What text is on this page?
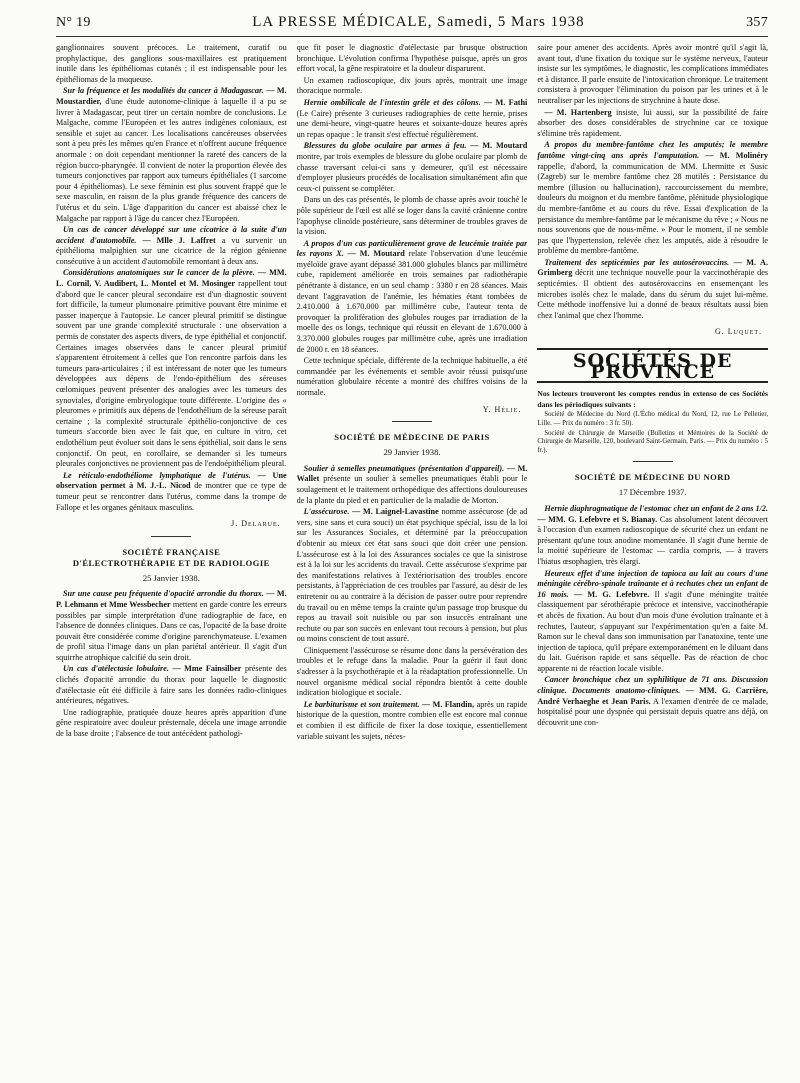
N° 19	LA PRESSE MÉDICALE, Samedi, 5 Mars 1938	357

ganglionnaires souvent précoces. Le traitement, curatif ou prophylactique, des ganglions sous-maxillaires est pratiquement inutile dans les épithéliomas cutanés ; il est indispensable pour les épithéliomas de la muqueuse.

Sur la fréquence et les modalités du cancer à Madagascar. — M. Moustardier, d'une étude autonome-clinique à laquelle il a pu se livrer à Madagascar, peut tirer un certain nombre de conclusions. Le Malgache, comme l'Européen et les autres indigènes coloniaux, est sensible et sujet au cancer. Les localisations cancéreuses observées sont à peu près les mêmes qu'en France et n'offrent aucune fréquence anormale : on doit cependant mentionner la rareté des cancers de la région bucco-pharyngée. Il convient de noter la proportion élevée des tumeurs conjonctives par rapport aux tumeurs épithéliales (1 sarcome pour 4 épithéliomas). Le sexe féminin est plus souvent frappé que le sexe masculin, en raison de la plus grande fréquence des cancers de l'utérus et du sein. L'âge d'apparition du cancer est abaissé chez le Malgache par rapport à l'âge du cancer chez l'Européen.

Un cas de cancer développé sur une cicatrice à la suite d'un accident d'automobile. — Mlle J. Laffret a vu survenir un épithélioma malpighien sur une cicatrice de la région génienne consécutive à un accident d'automobile remontant à deux ans.

Considérations anatomiques sur le cancer de la plèvre. — MM. L. Cornil, V. Audibert, L. Montel et M. Mosinger rappellent tout d'abord que le cancer pleural secondaire est d'un diagnostic souvent fort difficile, la tumeur plumonaire primitive pouvant être minime et passer inaperçue à l'autopsie. Le cancer pleural primitif se distingue souvent par une grande complexité structurale : une observation a permis de constater des aspects divers, de type épithélial et conjonctif. Certaines images observées dans le cancer pleural primitif s'apparentent étroitement à celles que l'on rencontre parfois dans les tumeurs para-articulaires ; il est intéressant de noter que les tumeurs développées aux dépens de l'endo-épithélium des séreuses cœlomiques peuvent présenter des analogies avec les tumeurs des synoviales, d'origine embryologique toute différente. L'origine des « pleuromes » primitifs aux dépens de l'endothélium de la séreuse paraît certaine ; la complexité structurale épithélio-conjonctive de ces tumeurs s'accorde bien avec le fait que, en culture in vitro, cet endothélium peut évoluer soit dans le sens épithélial, soit dans le sens conjonctif. On peut, en corollaire, se demander si les tumeurs pleurales conjonctives ne proviennent pas de l'endoépithélium pleural.

Le réticulo-endothéliome lymphatique de l'utérus. — Une observation permet à M. J.-L. Nicod de montrer que ce type de tumeur peut se rencontrer dans l'utérus, comme dans la trompe de Fallope et les organes génitaux masculins.

J. Delarue.
SOCIÉTÉ FRANÇAISE
D'ÉLECTROTHÉRAPIE ET DE RADIOLOGIE
25 Janvier 1938.

Sur une cause peu fréquente d'opacité arrondie du thorax. — M. P. Lehmann et Mme Wessbecher mettent en garde contre les erreurs possibles par simple interprétation d'une radiographie de face, en l'absence de données cliniques. Dans ce cas, l'opacité de la base droite pouvait être considérée comme d'origine parenchymateuse. L'examen de profil situa l'image dans un plan pariétal antérieur. Il s'agit d'un squirrhe atrophique calcifié du sein droit.

Un cas d'atélectasie lobulaire. — Mme Fainsilber présente des clichés d'opacité arrondie du thorax pour laquelle le diagnostic d'atélectasie eût été difficile à faire sans les données radio-cliniques antérieures, négatives.

Une radiographie, pratiquée douze heures après apparition d'une gêne respiratoire avec douleur présternale, décela une image arrondie de la base droite ; l'absence de tout antécédent pathologi-

que fit poser le diagnostic d'atélectasie par brusque obstruction bronchique. L'évolution confirma l'hypothèse puisque, après un gros effort vocal, la gêne respiratoire et la douleur disparurent.

Un examen radioscopique, dix jours après, montrait une image thoracique normale.

Hernie ombilicale de l'intestin grêle et des côlons. — M. Fathi (Le Caire) présente 3 curieuses radiographies de cette hernie, prises une demi-heure, vingt-quatre heures et soixante-douze heures après un repas opaque : le transit s'est effectué régulièrement.

Blessures du globe oculaire par armes à feu. — M. Moutard montre, par trois exemples de blessure du globe oculaire par plomb de chasse traversant celui-ci sans y demeurer, qu'il est nécessaire d'employer plusieurs procédés de localisation simultanément afin que ceux-ci puissent se compléter.

Dans un des cas présentés, le plomb de chasse après avoir touché le pôle supérieur de l'œil est allé se loger dans la cavité crânienne contre l'apophyse clinoïde postérieure, sans déterminer de troubles graves de la vision.

A propos d'un cas particulièrement grave de leucémie traitée par les rayons X. — M. Moutard relate l'observation d'une leucémie myéloïde grave ayant dépassé 381.000 globules blancs par millimètre cube, rapidement améliorée en trois semaines par radiothérapie pénétrante à distance, en un seul champ : 3380 r en 28 séances. Mais devant l'aggravation de l'anémie, les hématies étant tombées de 2.410.000 à 1.670.000 par millimètre cube, l'auteur tenta de provoquer la prolifération des globules rouges par irradiation de la moelle des os longs, technique qui réussit en élevant de 1.670.000 à 3.370.000 globules rouges par millimètre cube, après une irradiation de 2000 r. en 18 séances.

Cette technique spéciale, différente de la technique habituelle, a été commandée par les événements et semble avoir réussi puisqu'une numération globulaire récente a montré des chiffres voisins de la normale.

Y. Hélie.
SOCIÉTÉ DE MÉDECINE DE PARIS
29 Janvier 1938.

Soulier à semelles pneumatiques (présentation d'appareil). — M. Wallet présente un soulier à semelles pneumatiques établi pour le soulagement et le traitement orthopédique des affections douloureuses de la plante du pied et en particulier de la maladie de Morton.

L'assécurose. — M. Laignel-Lavastine nomme assécurose (de ad vers, sine sans et cura souci) un état psychique spécial, issu de la loi sur les Assurances Sociales, et déterminé par la préoccupation d'obtenir au mieux cet état sans souci que doit créer une pension. L'assécurose est à la loi des Assurances sociales ce que la sinistrose est à la loi sur les accidents du travail. Cette assécurose s'exprime par des manifestations relatives à l'extériorisation des troubles encore persistants, à l'appréciation de ces troubles par l'assuré, au désir de les entretenir ou au contraire à la décision de passer outre pour reprendre du travail ou en même temps la crainte qu'un passage trop brusque du repos au travail soit nuisible ou par son insuccès entraînant une rechute ou par son succès en enlevant tout recours à pension, but plus ou moins conscient de tout assuré.

Cliniquement l'assécurose se résume donc dans la persévération des troubles et le refuge dans la maladie. Pour la guérir il faut donc s'adresser à la psychothérapie et à la réadaptation professionnelle. Un nouvel organisme médical social répondra bientôt à cette double indication biologique et sociale.

Le barbiturisme et son traitement. — M. Flandin, après un rapide historique de la question, montre combien elle est encore mal connue et combien il est difficile de fixer la dose toxique, essentiellement variable suivant les sujets, néces-

saire pour amener des accidents. Après avoir montré qu'il s'agit là, avant tout, d'une fixation du toxique sur le système nerveux, l'auteur insiste sur les symptômes, le diagnostic, les complications immédiates et à distance. Il parle ensuite de l'intoxication chronique. Le traitement consistera à provoquer l'élimination du poison par les urines et à le neutraliser par les injections de strychnine à haute dose.

— M. Hartenberg insiste, lui aussi, sur la possibilité de faire absorber des doses considérables de strychnine car ce toxique s'élimine très rapidement.

A propos du membre-fantôme chez les amputés; le membre fantôme vingt-cinq ans après l'amputation. — M. Molinéry rappelle, d'abord, la communication de MM. Lhermitte et Susic (Zagreb) sur le membre fantôme chez 28 mutilés : Persistance du membre (illusion ou hallucination), raccourcissement du membre, douleurs du moignon et du membre fantôme, plénitude physiologique du membre-fantôme et au cours du rêve. Essai d'explication de la persistance du membre-fantôme par le mécanisme du rêve ; « Nous ne nous souvenons que de nous-même. » Pour le moment, il ne semble pas que l'hypertension, relevée chez les amputés, aide à résoudre le problème du membre-fantôme.

Traitement des septicémies par les autosérovaccins. — M. A. Grimberg décrit une technique nouvelle pour la vaccinothérapie des septicémies. Il obtient des autosérovaccins en ensemençant les microbes isolés chez le malade, dans du sérum du sujet lui-même. Cette méthode inoffensive lui a donné de beaux résultats aussi bien chez l'animal que chez l'homme.

G. Luquet.
SOCIÉTÉS DE PROVINCE

Nos lecteurs trouveront les comptes rendus in extenso de ces Sociétés dans les périodiques suivants :

Société de Médecine du Nord (L'Écho médical du Nord, 12, rue Le Pelletier, Lille. — Prix du numéro : 3 fr. 50).

Société de Chirurgie de Marseille (Bulletins et Mémoires de la Société de Chirurgie de Marseille, 120, boulevard Saint-Germain, Paris. — Prix du numéro : 5 fr.).

SOCIÉTÉ DE MÉDECINE DU NORD
17 Décembre 1937.

Hernie diaphragmatique de l'estomac chez un enfant de 2 ans 1/2. — MM. G. Lefebvre et S. Bianay. Cas absolument latent découvert à l'occasion d'un examen radioscopique de sécurité chez un enfant ne présentant qu'une toux anodine momentanée. Il s'agit d'une hernie de la moitié supérieure de l'estomac — cardia compris, — à travers l'hiatus œsophagien, très élargi.

Heureux effet d'une injection de tapioca au lait au cours d'une méningite cérébro-spinale traînante et à rechutes chez un enfant de 16 mois. — M. G. Lefebvre. Il s'agit d'une méningite traitée classiquement par sérothérapie précoce et intensive, vaccinothérapie et abcès de fixation. Au bout d'un mois d'une évolution traînante et à rechutes, l'auteur, s'appuyant sur l'expérimentation qu'en a faite M. Ramon sur le cheval dans son immunisation par l'anatoxine, tente une injection de tapioca, qu'il prépare extemporanément en le diluant dans du lait. Guérison rapide et sans séquelle. Pas de réaction de choc apparente ni de réaction locale visible.

Cancer bronchique chez un syphilitique de 71 ans. Discussion clinique. Documents anatomo-cliniques. — MM. G. Carrière, André Verhaeghe et Jean Paris. A l'examen d'entrée de ce malade, hospitalisé pour une dyspnée qui persistait depuis quatre ans déjà, on découvrit une con-
